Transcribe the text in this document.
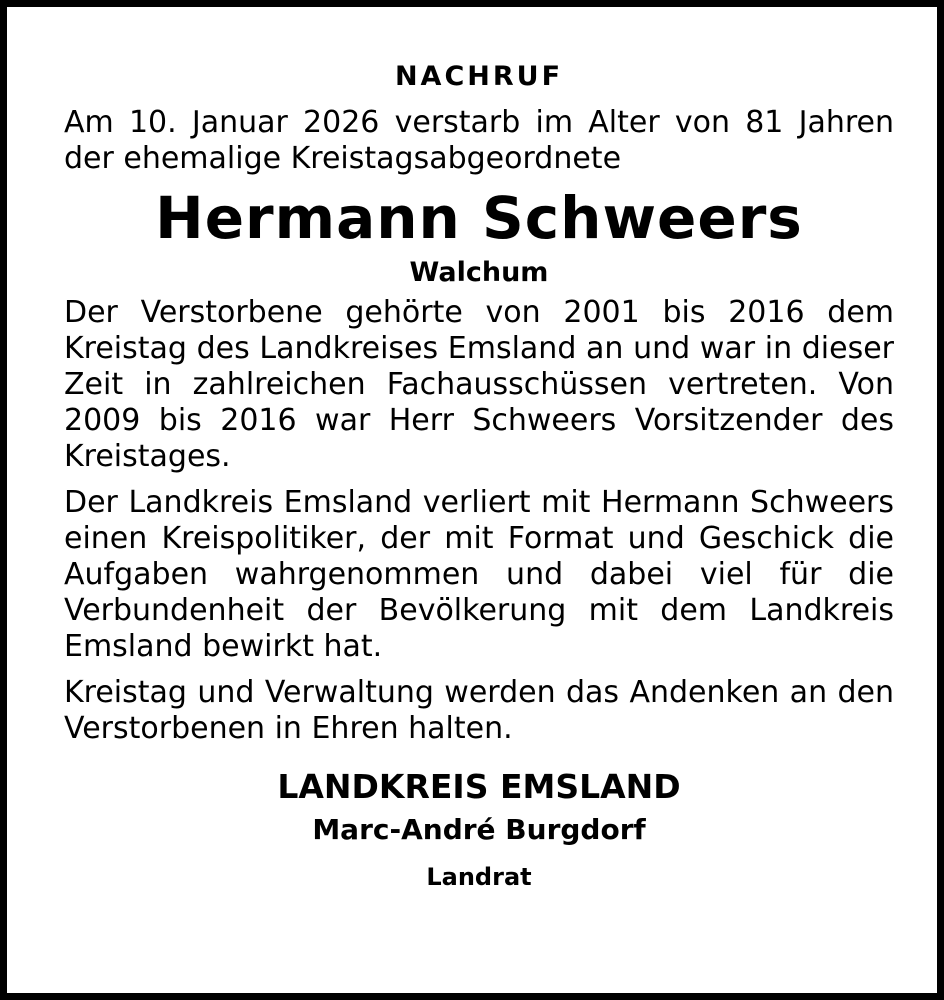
NACHRUF

Am 10. Januar 2026 verstarb im Alter von 81 Jahren der ehemalige Kreistagsabgeordnete

Hermann Schweers
Walchum

Der Verstorbene gehörte von 2001 bis 2016 dem Kreistag des Landkreises Emsland an und war in dieser Zeit in zahlreichen Fachausschüssen vertreten. Von 2009 bis 2016 war Herr Schweers Vorsitzender des Kreistages.

Der Landkreis Emsland verliert mit Hermann Schweers einen Kreispolitiker, der mit Format und Geschick die Aufgaben wahrgenommen und dabei viel für die Verbundenheit der Bevölkerung mit dem Landkreis Emsland bewirkt hat.

Kreistag und Verwaltung werden das Andenken an den Verstorbenen in Ehren halten.

LANDKREIS EMSLAND
Marc-André Burgdorf
Landrat
